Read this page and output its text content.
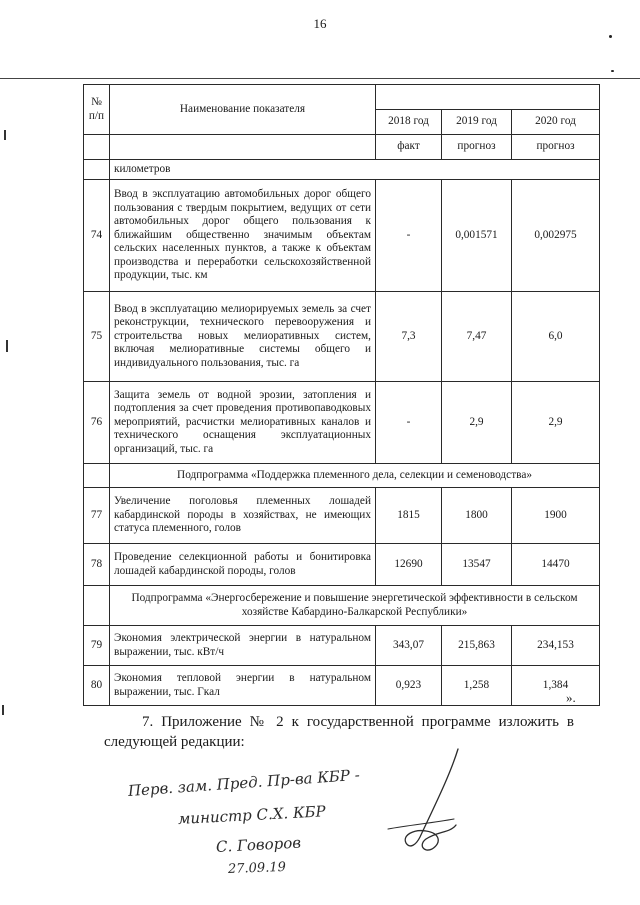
16
№ п/п	Наименование показателя			
		2018 год	2019 год	2020 год
		факт	прогноз	прогноз
	километров			
74	Ввод в эксплуатацию автомобильных дорог общего пользования с твердым покрытием, ведущих от сети автомобильных дорог общего пользования к ближайшим общественно значимым объектам сельских населенных пунктов, а также к объектам производства и переработки сельскохозяйственной продукции, тыс. км	-	0,001571	0,002975
75	Ввод в эксплуатацию мелиорируемых земель за счет реконструкции, технического перевооружения и строительства новых мелиоративных систем, включая мелиоративные системы общего и индивидуального пользования, тыс. га	7,3	7,47	6,0
76	Защита земель от водной эрозии, затопления и подтопления за счет проведения противопаводковых мероприятий, расчистки мелиоративных каналов и технического оснащения эксплуатационных организаций, тыс. га	-	2,9	2,9
	Подпрограмма «Поддержка племенного дела, селекции и семеноводства»			
77	Увеличение поголовья племенных лошадей кабардинской породы в хозяйствах, не имеющих статуса племенного, голов	1815	1800	1900
78	Проведение селекционной работы и бонитировка лошадей кабардинской породы, голов	12690	13547	14470
	Подпрограмма «Энергосбережение и повышение энергетической эффективности в сельском хозяйстве Кабардино-Балкарской Республики»			
79	Экономия электрической энергии в натуральном выражении, тыс. кВт/ч	343,07	215,863	234,153
80	Экономия тепловой энергии в натуральном выражении, тыс. Гкал	0,923	1,258	1,384
».
7. Приложение № 2 к государственной программе изложить в следующей редакции:
Перв. зам. Пред. Пр-ва КБР -
министр С.Х. КБР
С. Говоров
27.09.19
